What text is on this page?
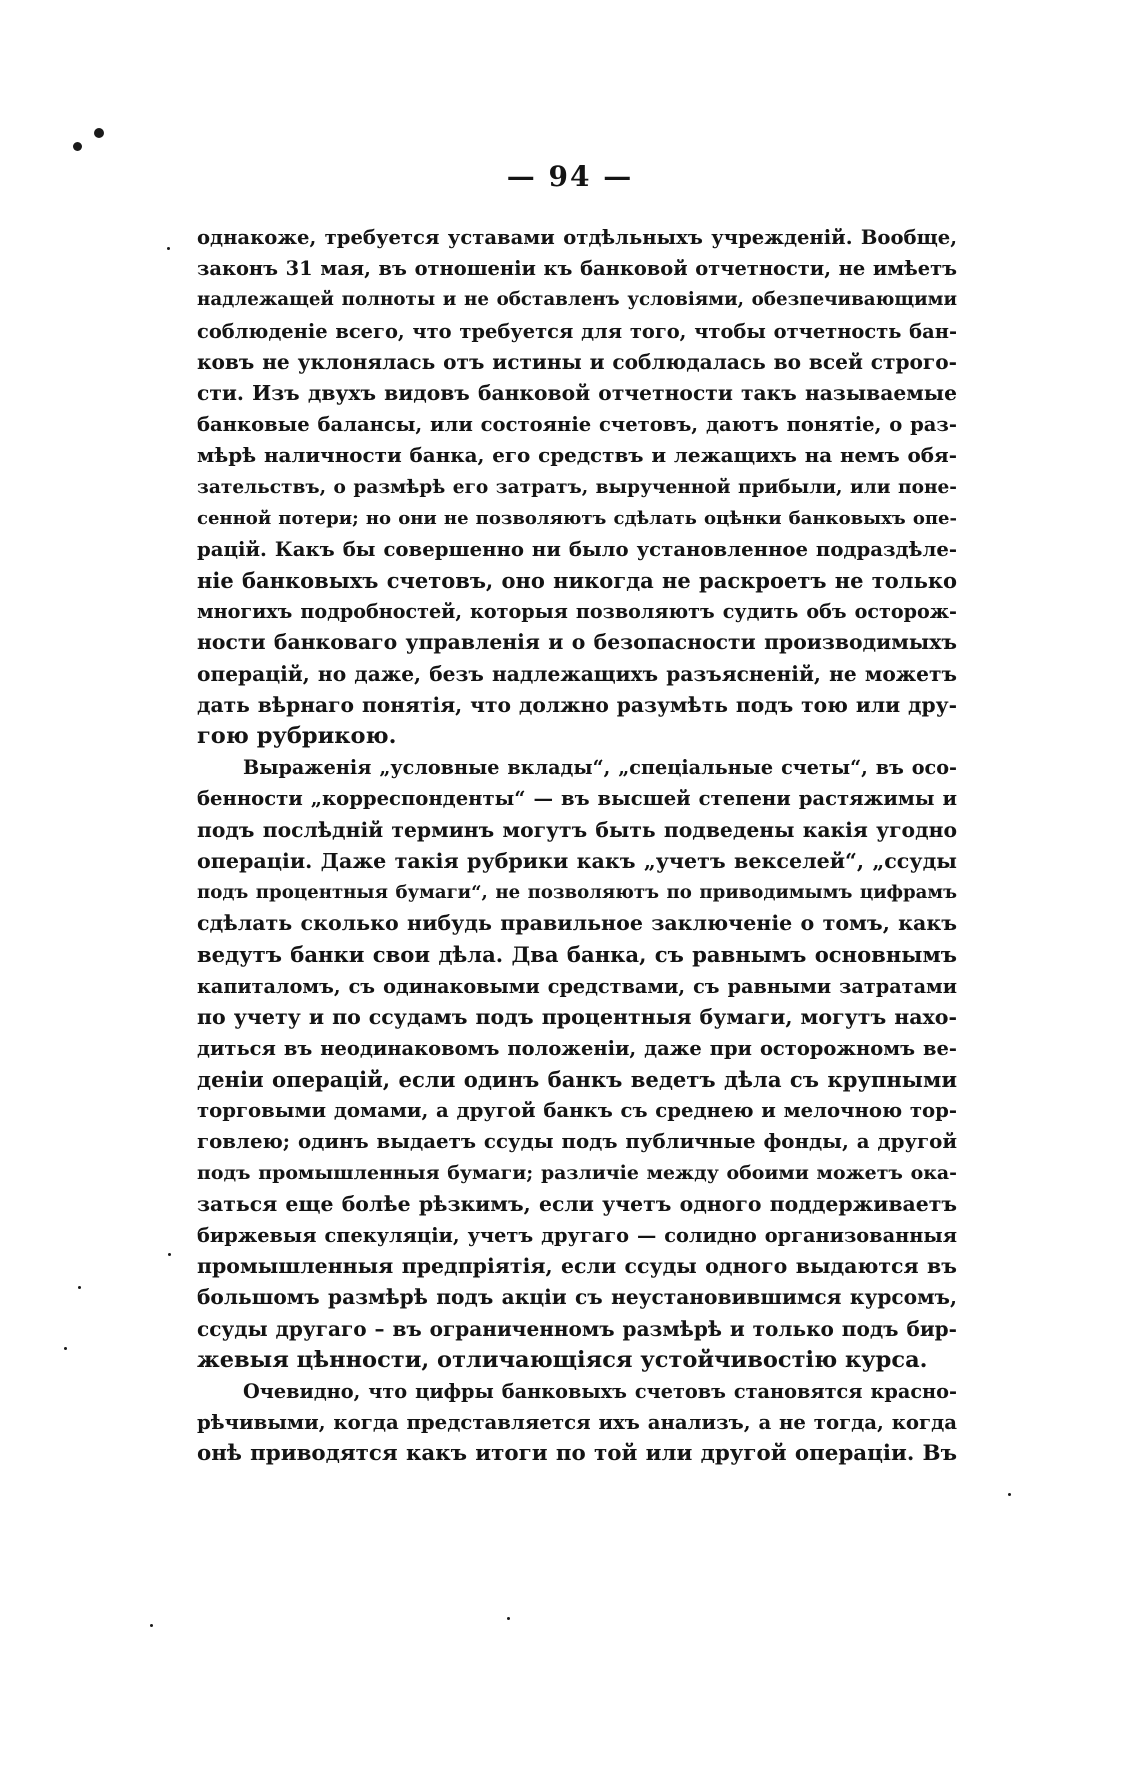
— 94 —
однакоже, требуется уставами отдѣльныхъ учрежденій. Вообще,
законъ 31 мая, въ отношеніи къ банковой отчетности, не имѣетъ
надлежащей полноты и не обставленъ условіями, обезпечивающими
соблюденіе всего, что требуется для того, чтобы отчетность бан-
ковъ не уклонялась отъ истины и соблюдалась во всей строго-
сти. Изъ двухъ видовъ банковой отчетности такъ называемые
банковые балансы, или состояніе счетовъ, даютъ понятіе, о раз-
мѣрѣ наличности банка, его средствъ и лежащихъ на немъ обя-
зательствъ, о размѣрѣ его затратъ, вырученной прибыли, или поне-
сенной потери; но они не позволяютъ сдѣлать оцѣнки банковыхъ опе-
рацій. Какъ бы совершенно ни было установленное подраздѣле-
ніе банковыхъ счетовъ, оно никогда не раскроетъ не только
многихъ подробностей, которыя позволяютъ судить объ осторож-
ности банковаго управленія и о безопасности производимыхъ
операцій, но даже, безъ надлежащихъ разъясненій, не можетъ
дать вѣрнаго понятія, что должно разумѣть подъ тою или дру-
гою рубрикою.
Выраженія „условные вклады“, „спеціальные счеты“, въ осо-
бенности „корреспонденты“ — въ высшей степени растяжимы и
подъ послѣдній терминъ могутъ быть подведены какія угодно
операціи. Даже такія рубрики какъ „учетъ векселей“, „ссуды
подъ процентныя бумаги“, не позволяютъ по приводимымъ цифрамъ
сдѣлать сколько нибудь правильное заключеніе о томъ, какъ
ведутъ банки свои дѣла. Два банка, съ равнымъ основнымъ
капиталомъ, съ одинаковыми средствами, съ равными затратами
по учету и по ссудамъ подъ процентныя бумаги, могутъ нахо-
диться въ неодинаковомъ положеніи, даже при осторожномъ ве-
деніи операцій, если одинъ банкъ ведетъ дѣла съ крупными
торговыми домами, а другой банкъ съ среднею и мелочною тор-
говлею; одинъ выдаетъ ссуды подъ публичные фонды, а другой
подъ промышленныя бумаги; различіе между обоими можетъ ока-
заться еще болѣе рѣзкимъ, если учетъ одного поддерживаетъ
биржевыя спекуляціи, учетъ другаго — солидно организованныя
промышленныя предпріятія, если ссуды одного выдаются въ
большомъ размѣрѣ подъ акціи съ неустановившимся курсомъ,
ссуды другаго – въ ограниченномъ размѣрѣ и только подъ бир-
жевыя цѣнности, отличающіяся устойчивостію курса.
Очевидно, что цифры банковыхъ счетовъ становятся красно-
рѣчивыми, когда представляется ихъ анализъ, а не тогда, когда
онѣ приводятся какъ итоги по той или другой операціи. Въ
